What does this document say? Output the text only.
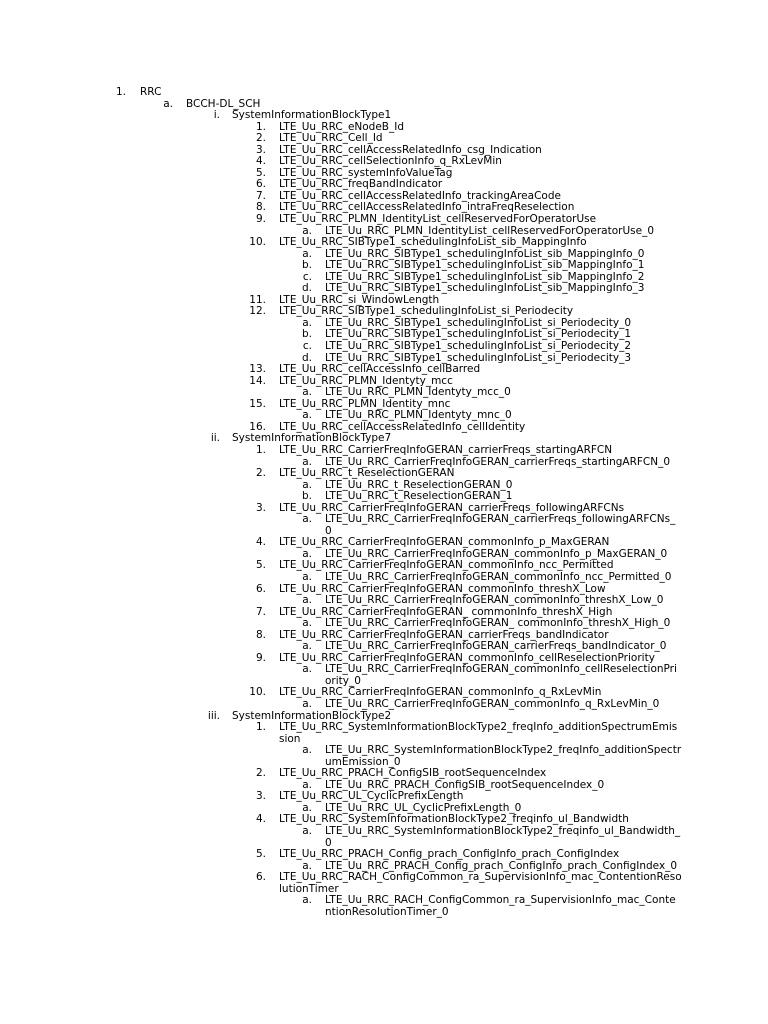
1. RRC
a. BCCH-DL_SCH
i. SystemInformationBlockType1
1. LTE_Uu_RRC_eNodeB_Id
2. LTE_Uu_RRC_Cell_Id
3. LTE_Uu_RRC_cellAccessRelatedInfo_csg_Indication
4. LTE_Uu_RRC_cellSelectionInfo_q_RxLevMin
5. LTE_Uu_RRC_systemInfoValueTag
6. LTE_Uu_RRC_freqBandIndicator
7. LTE_Uu_RRC_cellAccessRelatedInfo_trackingAreaCode
8. LTE_Uu_RRC_cellAccessRelatedInfo_intraFreqReselection
9. LTE_Uu_RRC_PLMN_IdentityList_cellReservedForOperatorUse
a. LTE_Uu_RRC_PLMN_IdentityList_cellReservedForOperatorUse_0
10. LTE_Uu_RRC_SIBType1_schedulingInfoList_sib_MappingInfo
a. LTE_Uu_RRC_SIBType1_schedulingInfoList_sib_MappingInfo_0
b. LTE_Uu_RRC_SIBType1_schedulingInfoList_sib_MappingInfo_1
c. LTE_Uu_RRC_SIBType1_schedulingInfoList_sib_MappingInfo_2
d. LTE_Uu_RRC_SIBType1_schedulingInfoList_sib_MappingInfo_3
11. LTE_Uu_RRC_si_WindowLength
12. LTE_Uu_RRC_SIBType1_schedulingInfoList_si_Periodecity
a. LTE_Uu_RRC_SIBType1_schedulingInfoList_si_Periodecity_0
b. LTE_Uu_RRC_SIBType1_schedulingInfoList_si_Periodecity_1
c. LTE_Uu_RRC_SIBType1_schedulingInfoList_si_Periodecity_2
d. LTE_Uu_RRC_SIBType1_schedulingInfoList_si_Periodecity_3
13. LTE_Uu_RRC_cellAccessInfo_cellBarred
14. LTE_Uu_RRC_PLMN_Identyty_mcc
a. LTE_Uu_RRC_PLMN_Identyty_mcc_0
15. LTE_Uu_RRC_PLMN_Identity_mnc
a. LTE_Uu_RRC_PLMN_Identyty_mnc_0
16. LTE_Uu_RRC_cellAccessRelatedInfo_cellIdentity
ii. SystemInformationBlockType7
1. LTE_Uu_RRC_CarrierFreqInfoGERAN_carrierFreqs_startingARFCN
a. LTE_Uu_RRC_CarrierFreqInfoGERAN_carrierFreqs_startingARFCN_0
2. LTE_Uu_RRC_t_ReselectionGERAN
a. LTE_Uu_RRC_t_ReselectionGERAN_0
b. LTE_Uu_RRC_t_ReselectionGERAN_1
3. LTE_Uu_RRC_CarrierFreqInfoGERAN_carrierFreqs_followingARFCNs
a. LTE_Uu_RRC_CarrierFreqInfoGERAN_carrierFreqs_followingARFCNs_
0
4. LTE_Uu_RRC_CarrierFreqInfoGERAN_commonInfo_p_MaxGERAN
a. LTE_Uu_RRC_CarrierFreqInfoGERAN_commonInfo_p_MaxGERAN_0
5. LTE_Uu_RRC_CarrierFreqInfoGERAN_commonInfo_ncc_Permitted
a. LTE_Uu_RRC_CarrierFreqInfoGERAN_commonInfo_ncc_Permitted_0
6. LTE_Uu_RRC_CarrierFreqInfoGERAN_commonInfo_threshX_Low
a. LTE_Uu_RRC_CarrierFreqInfoGERAN_commonInfo_threshX_Low_0
7. LTE_Uu_RRC_CarrierFreqInfoGERAN_ commonInfo_threshX_High
a. LTE_Uu_RRC_CarrierFreqInfoGERAN_ commonInfo_threshX_High_0
8. LTE_Uu_RRC_CarrierFreqInfoGERAN_carrierFreqs_bandIndicator
a. LTE_Uu_RRC_CarrierFreqInfoGERAN_carrierFreqs_bandIndicator_0
9. LTE_Uu_RRC_CarrierFreqInfoGERAN_commonInfo_cellReselectionPriority
a. LTE_Uu_RRC_CarrierFreqInfoGERAN_commonInfo_cellReselectionPri
ority_0
10. LTE_Uu_RRC_CarrierFreqInfoGERAN_commonInfo_q_RxLevMin
a. LTE_Uu_RRC_CarrierFreqInfoGERAN_commonInfo_q_RxLevMin_0
iii. SystemInformationBlockType2
1. LTE_Uu_RRC_SystemInformationBlockType2_freqInfo_additionSpectrumEmis
sion
a. LTE_Uu_RRC_SystemInformationBlockType2_freqInfo_additionSpectr
umEmission_0
2. LTE_Uu_RRC_PRACH_ConfigSIB_rootSequenceIndex
a. LTE_Uu_RRC_PRACH_ConfigSIB_rootSequenceIndex_0
3. LTE_Uu_RRC_UL_CyclicPrefixLength
a. LTE_Uu_RRC_UL_CyclicPrefixLength_0
4. LTE_Uu_RRC_SystemInformationBlockType2_freqinfo_ul_Bandwidth
a. LTE_Uu_RRC_SystemInformationBlockType2_freqinfo_ul_Bandwidth_
0
5. LTE_Uu_RRC_PRACH_Config_prach_ConfigInfo_prach_ConfigIndex
a. LTE_Uu_RRC_PRACH_Config_prach_ConfigInfo_prach_ConfigIndex_0
6. LTE_Uu_RRC_RACH_ConfigCommon_ra_SupervisionInfo_mac_ContentionReso
lutionTimer
a. LTE_Uu_RRC_RACH_ConfigCommon_ra_SupervisionInfo_mac_Conte
ntionResolutionTimer_0
